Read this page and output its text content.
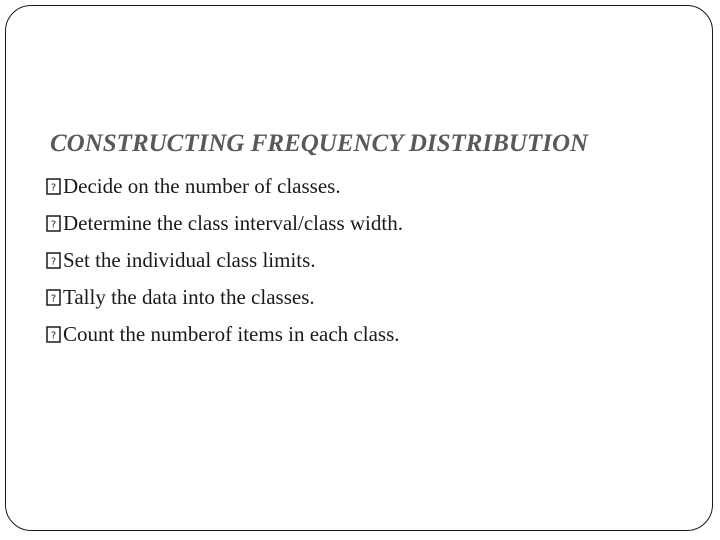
CONSTRUCTING FREQUENCY DISTRIBUTION
? Decide on the number of classes.
? Determine the class interval/class width.
? Set the individual class limits.
? Tally the data into the classes.
? Count the numberof items in each class.
